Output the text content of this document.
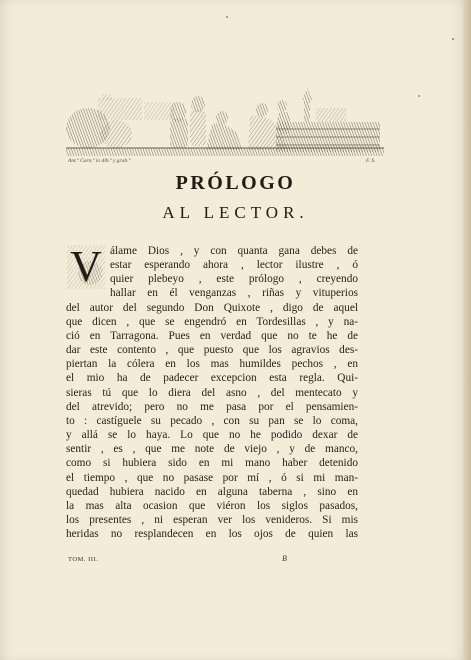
Ant.º Carn.º lo dib.º y grab.º	F. S.
PRÓLOGO
AL LECTOR.
V álame Dios , y con quanta gana debes de
estar esperando ahora , lector ilustre , ó
quier plebeyo , este prólogo , creyendo
hallar en él venganzas , riñas y vituperios
del autor del segundo Don Quixote , digo de aquel
que dicen , que se engendró en Tordesillas , y na-
ció en Tarragona. Pues en verdad que no te he de
dar este contento , que puesto que los agravios des-
piertan la cólera en los mas humildes pechos , en
el mio ha de padecer excepcion esta regla. Qui-
sieras tú que lo diera del asno , del mentecato y
del atrevido; pero no me pasa por el pensamien-
to : castíguele su pecado , con su pan se lo coma,
y allá se lo haya. Lo que no he podido dexar de
sentir , es , que me note de viejo , y de manco,
como si hubiera sido en mi mano haber detenido
el tiempo , que no pasase por mí , ó si mi man-
quedad hubiera nacido en alguna taberna , sino en
la mas alta ocasion que viéron los siglos pasados,
los presentes , ni esperan ver los venideros. Si mis
heridas no resplandecen en los ojos de quien las
TOM. III.	B
